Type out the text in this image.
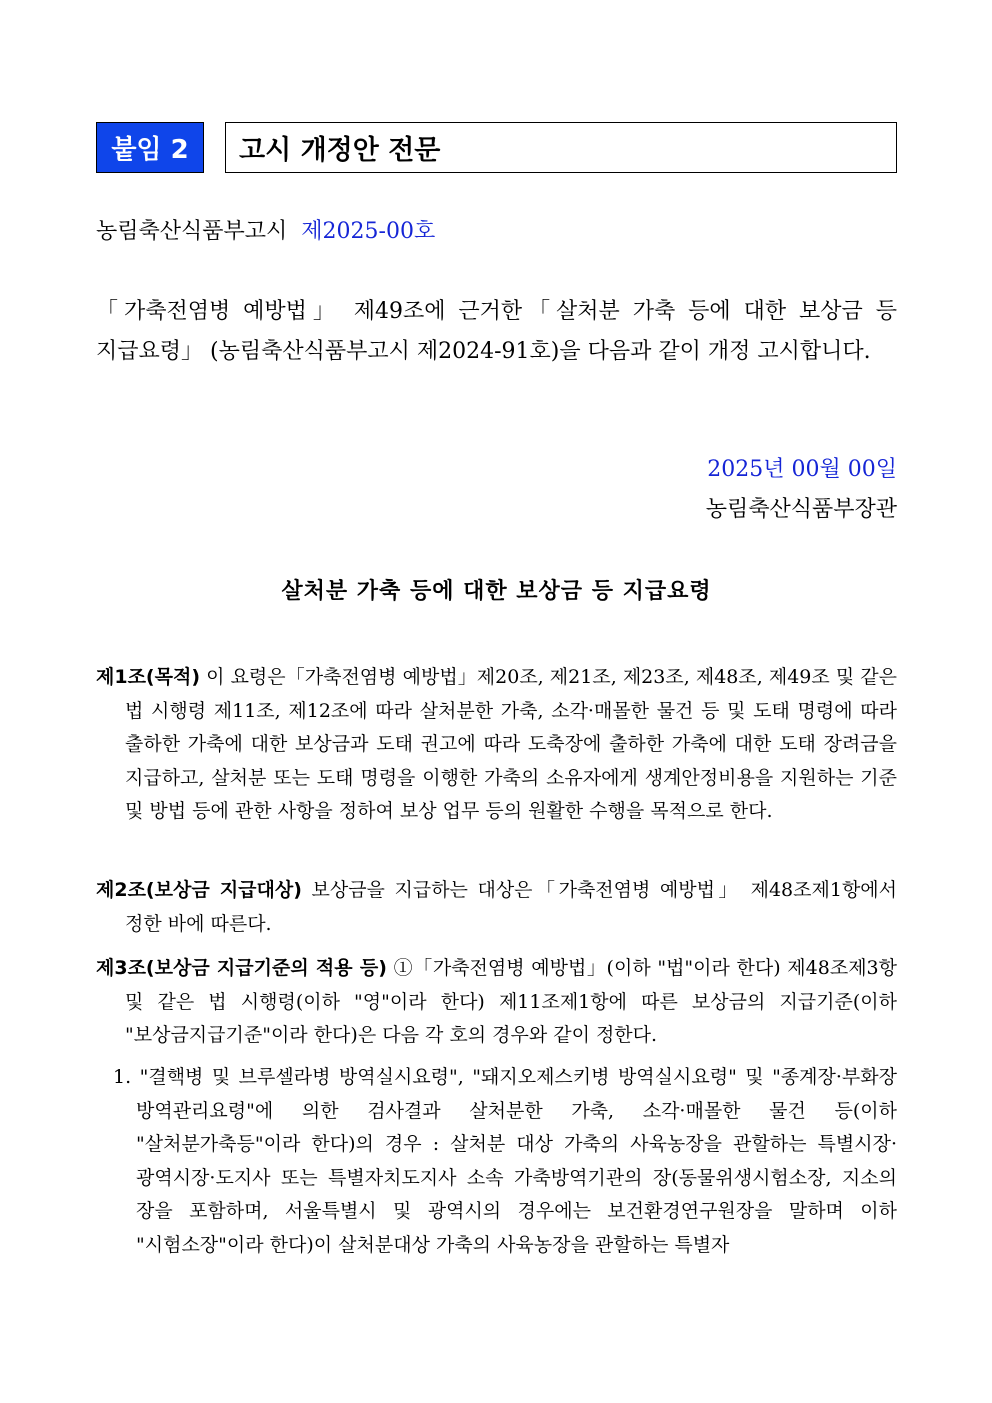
붙임 2	고시 개정안 전문
농림축산식품부고시 제2025-00호
「가축전염병 예방법」 제49조에 근거한「살처분 가축 등에 대한 보상금 등 지급요령」 (농림축산식품부고시 제2024-91호)을 다음과 같이 개정 고시합니다.
2025년 00월 00일
농림축산식품부장관
살처분 가축 등에 대한 보상금 등 지급요령
제1조(목적) 이 요령은「가축전염병 예방법」제20조, 제21조, 제23조, 제48조, 제49조 및 같은 법 시행령 제11조, 제12조에 따라 살처분한 가축, 소각·매몰한 물건 등 및 도태 명령에 따라 출하한 가축에 대한 보상금과 도태 권고에 따라 도축장에 출하한 가축에 대한 도태 장려금을 지급하고, 살처분 또는 도태 명령을 이행한 가축의 소유자에게 생계안정비용을 지원하는 기준 및 방법 등에 관한 사항을 정하여 보상 업무 등의 원활한 수행을 목적으로 한다.
제2조(보상금 지급대상) 보상금을 지급하는 대상은「가축전염병 예방법」 제48조제1항에서 정한 바에 따른다.
제3조(보상금 지급기준의 적용 등) ①「가축전염병 예방법」(이하 "법"이라 한다) 제48조제3항 및 같은 법 시행령(이하 "영"이라 한다) 제11조제1항에 따른 보상금의 지급기준(이하 "보상금지급기준"이라 한다)은 다음 각 호의 경우와 같이 정한다.
1. "결핵병 및 브루셀라병 방역실시요령", "돼지오제스키병 방역실시요령" 및 "종계장·부화장 방역관리요령"에 의한 검사결과 살처분한 가축, 소각·매몰한 물건 등(이하 "살처분가축등"이라 한다)의 경우 : 살처분 대상 가축의 사육농장을 관할하는 특별시장·광역시장·도지사 또는 특별자치도지사 소속 가축방역기관의 장(동물위생시험소장, 지소의 장을 포함하며, 서울특별시 및 광역시의 경우에는 보건환경연구원장을 말하며 이하 "시험소장"이라 한다)이 살처분대상 가축의 사육농장을 관할하는 특별자
